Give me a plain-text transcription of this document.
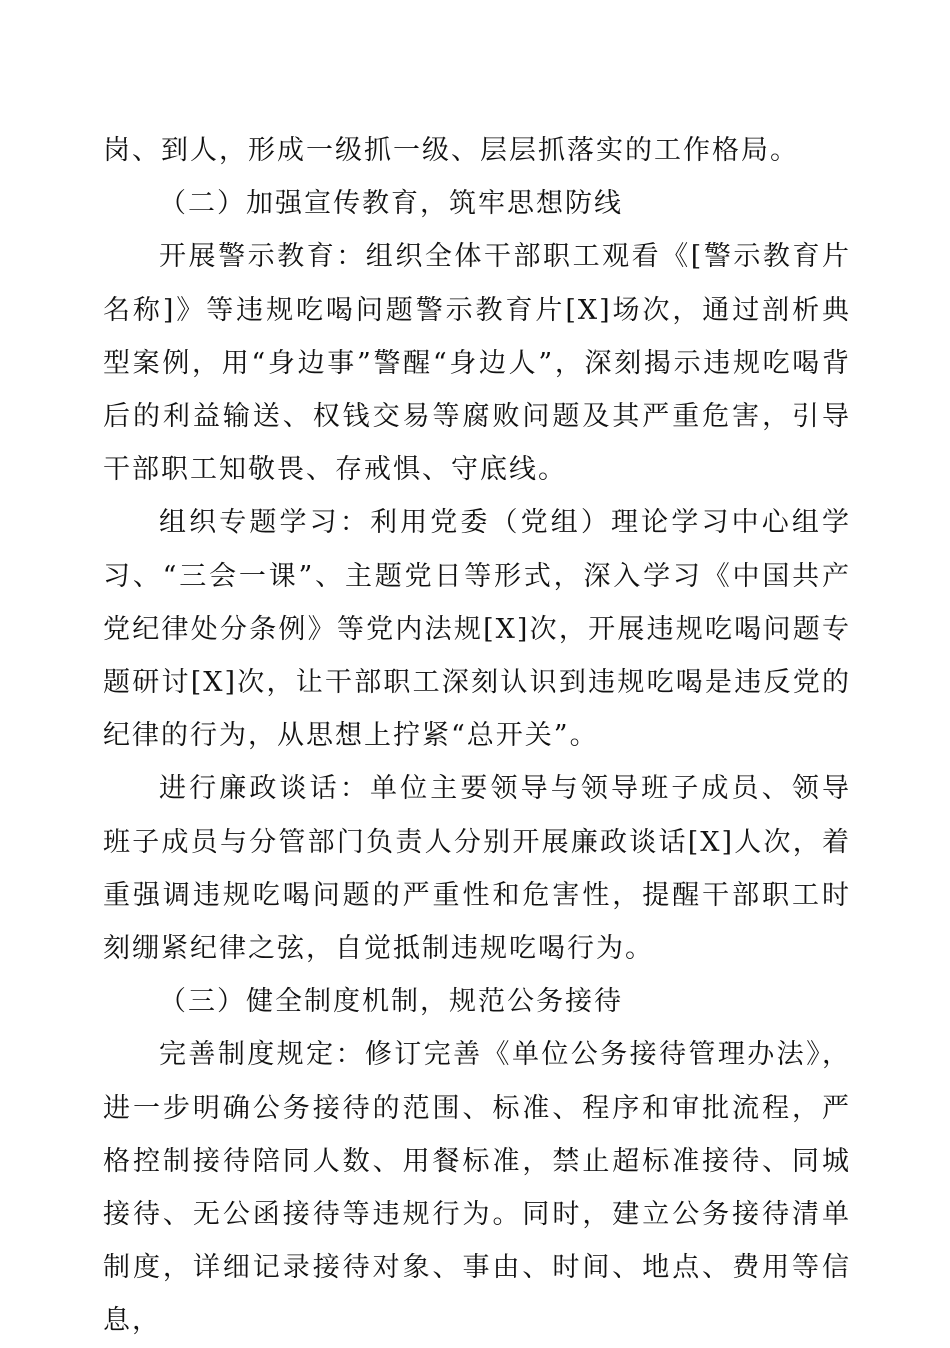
岗、到人，形成一级抓一级、层层抓落实的工作格局。

（二）加强宣传教育，筑牢思想防线

开展警示教育：组织全体干部职工观看《[警示教育片名称]》等违规吃喝问题警示教育片[X]场次，通过剖析典型案例，用“身边事”警醒“身边人”，深刻揭示违规吃喝背后的利益输送、权钱交易等腐败问题及其严重危害，引导干部职工知敬畏、存戒惧、守底线。

组织专题学习：利用党委（党组）理论学习中心组学习、“三会一课”、主题党日等形式，深入学习《中国共产党纪律处分条例》等党内法规[X]次，开展违规吃喝问题专题研讨[X]次，让干部职工深刻认识到违规吃喝是违反党的纪律的行为，从思想上拧紧“总开关”。

进行廉政谈话：单位主要领导与领导班子成员、领导班子成员与分管部门负责人分别开展廉政谈话[X]人次，着重强调违规吃喝问题的严重性和危害性，提醒干部职工时刻绷紧纪律之弦，自觉抵制违规吃喝行为。

（三）健全制度机制，规范公务接待

完善制度规定：修订完善《单位公务接待管理办法》，进一步明确公务接待的范围、标准、程序和审批流程，严格控制接待陪同人数、用餐标准，禁止超标准接待、同城接待、无公函接待等违规行为。同时，建立公务接待清单制度，详细记录接待对象、事由、时间、地点、费用等信息，
